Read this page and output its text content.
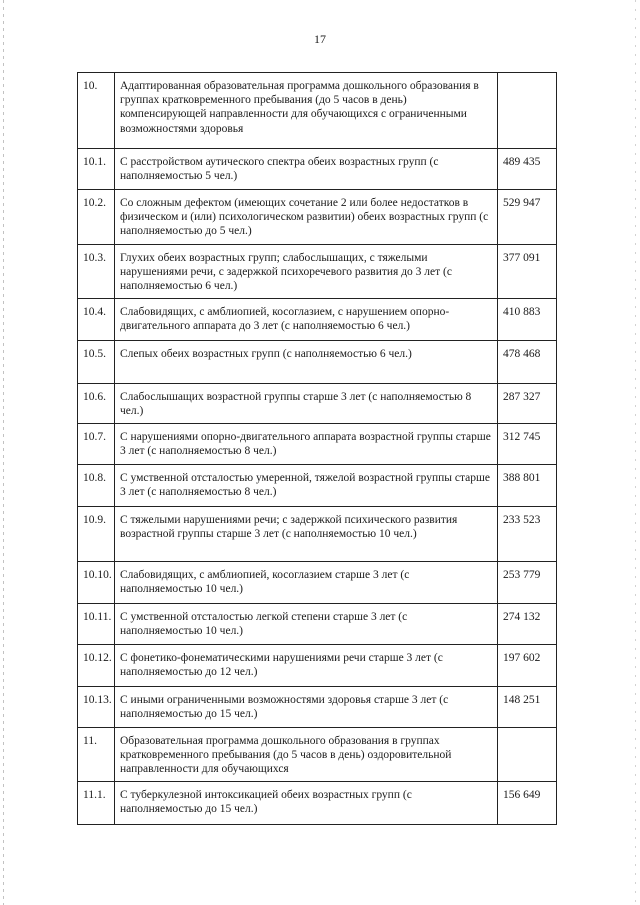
17
10.	Адаптированная образовательная программа дошкольного образования в группах кратковременного пребывания (до 5 часов в день) компенсирующей направленности для обучающихся с ограниченными возможностями здоровья	
10.1.	С расстройством аутического спектра обеих возрастных групп (с наполняемостью 5 чел.)	489 435
10.2.	Со сложным дефектом (имеющих сочетание 2 или более недостатков в физическом и (или) психологическом развитии) обеих возрастных групп (с наполняемостью до 5 чел.)	529 947
10.3.	Глухих обеих возрастных групп; слабослышащих, с тяжелыми нарушениями речи, с задержкой психоречевого развития до 3 лет (с наполняемостью 6 чел.)	377 091
10.4.	Слабовидящих, с амблиопией, косоглазием, с нарушением опорно-двигательного аппарата до 3 лет (с наполняемостью 6 чел.)	410 883
10.5.	Слепых обеих возрастных групп (с наполняемостью 6 чел.)	478 468
10.6.	Слабослышащих возрастной группы старше 3 лет (с наполняемостью 8 чел.)	287 327
10.7.	С нарушениями опорно-двигательного аппарата возрастной группы старше 3 лет (с наполняемостью 8 чел.)	312 745
10.8.	С умственной отсталостью умеренной, тяжелой возрастной группы старше 3 лет (с наполняемостью 8 чел.)	388 801
10.9.	С тяжелыми нарушениями речи; с задержкой психического развития возрастной группы старше 3 лет (с наполняемостью 10 чел.)	233 523
10.10.	Слабовидящих, с амблиопией, косоглазием старше 3 лет (с наполняемостью 10 чел.)	253 779
10.11.	С умственной отсталостью легкой степени старше 3 лет (с наполняемостью 10 чел.)	274 132
10.12.	С фонетико-фонематическими нарушениями речи старше 3 лет (с наполняемостью до 12 чел.)	197 602
10.13.	С иными ограниченными возможностями здоровья старше 3 лет (с наполняемостью до 15 чел.)	148 251
11.	Образовательная программа дошкольного образования в группах кратковременного пребывания (до 5 часов в день) оздоровительной направленности для обучающихся	
11.1.	С туберкулезной интоксикацией обеих возрастных групп (с наполняемостью до 15 чел.)	156 649
